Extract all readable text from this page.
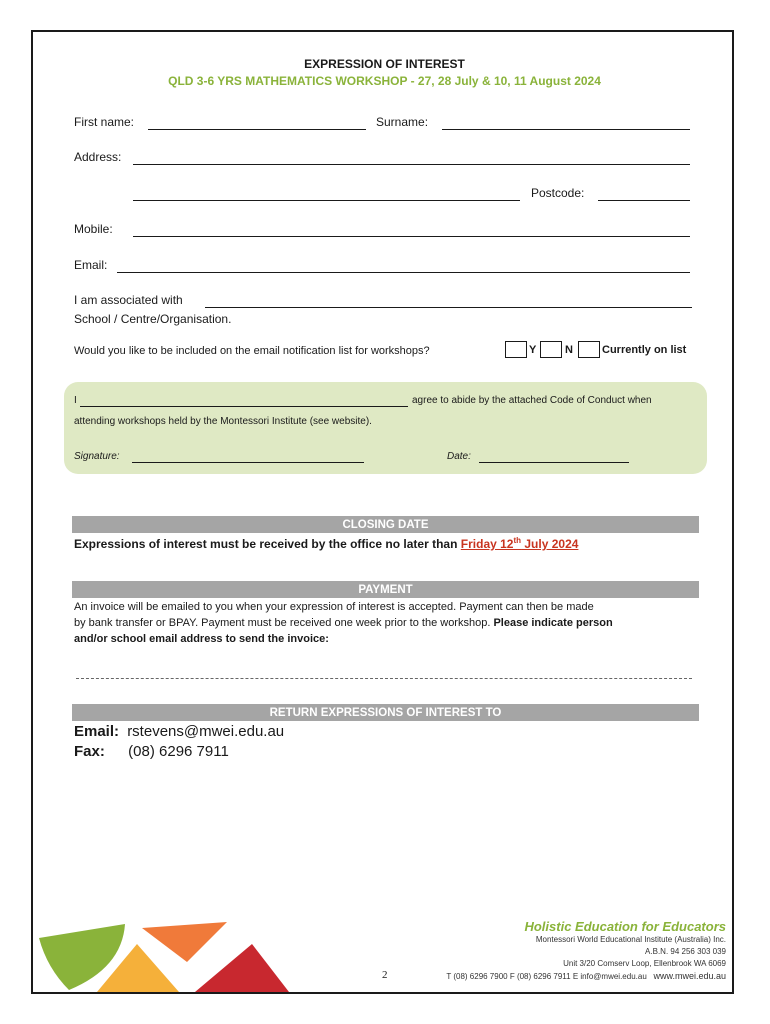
EXPRESSION OF INTEREST
QLD 3-6 YRS MATHEMATICS WORKSHOP - 27, 28 July & 10, 11 August 2024
First name:	Surname:
Address:
Postcode:
Mobile:
Email:
I am associated with
School / Centre/Organisation.
Would you like to be included on the email notification list for workshops?	Y	N	Currently on list
I	agree to abide by the attached Code of Conduct when
attending workshops held by the Montessori Institute (see website).
Signature:	Date:
CLOSING DATE
Expressions of interest must be received by the office no later than Friday 12th July 2024
PAYMENT
An invoice will be emailed to you when your expression of interest is accepted. Payment can then be made
by bank transfer or BPAY. Payment must be received one week prior to the workshop. Please indicate person
and/or school email address to send the invoice:
RETURN EXPRESSIONS OF INTEREST TO
Email: rstevens@mwei.edu.au
Fax: (08) 6296 7911
2
Holistic Education for Educators
Montessori World Educational Institute (Australia) Inc.
A.B.N. 94 256 303 039
Unit 3/20 Comserv Loop, Ellenbrook WA 6069
T (08) 6296 7900 F (08) 6296 7911 E info@mwei.edu.au www.mwei.edu.au
